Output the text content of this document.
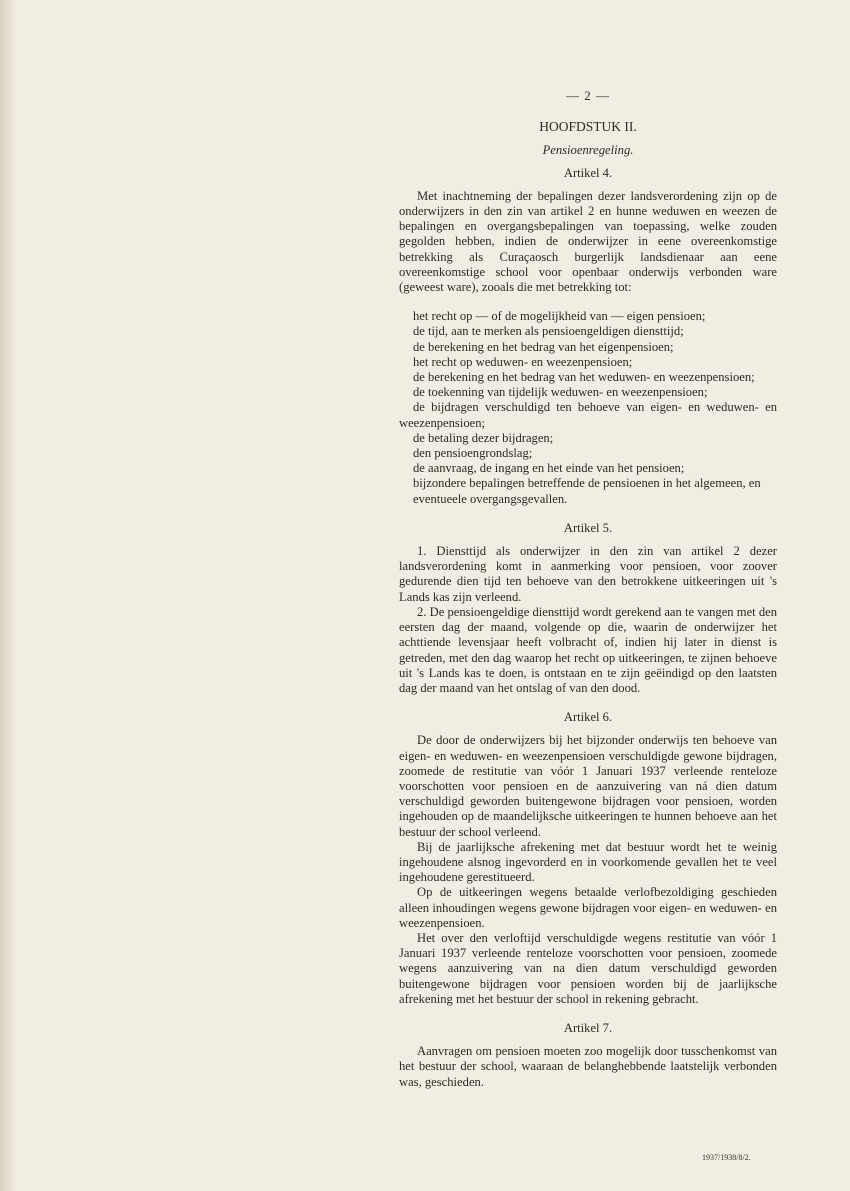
— 2 —
HOOFDSTUK II.
Pensioenregeling.
Artikel 4.

Met inachtneming der bepalingen dezer landsverordening zijn op de onderwijzers in den zin van artikel 2 en hunne weduwen en weezen de bepalingen en overgangsbepalingen van toepassing, welke zouden gegolden hebben, indien de onderwijzer in eene overeenkomstige betrekking als Curaçaosch burgerlijk landsdienaar aan eene overeenkomstige school voor openbaar onderwijs verbonden ware (geweest ware), zooals die met betrekking tot:

het recht op — of de mogelijkheid van — eigen pensioen;
de tijd, aan te merken als pensioengeldigen diensttijd;
de berekening en het bedrag van het eigenpensioen;
het recht op weduwen- en weezenpensioen;
de berekening en het bedrag van het weduwen- en weezenpensioen;
de toekenning van tijdelijk weduwen- en weezenpensioen;
de bijdragen verschuldigd ten behoeve van eigen- en weduwen- en weezenpensioen;
de betaling dezer bijdragen;
den pensioengrondslag;
de aanvraag, de ingang en het einde van het pensioen;
bijzondere bepalingen betreffende de pensioenen in het algemeen, en
eventueele overgangsgevallen.
Artikel 5.

1. Diensttijd als onderwijzer in den zin van artikel 2 dezer landsverordening komt in aanmerking voor pensioen, voor zoover gedurende dien tijd ten behoeve van den betrokkene uitkeeringen uit 's Lands kas zijn verleend.

2. De pensioengeldige diensttijd wordt gerekend aan te vangen met den eersten dag der maand, volgende op die, waarin de onderwijzer het achttiende levensjaar heeft volbracht of, indien hij later in dienst is getreden, met den dag waarop het recht op uitkeeringen, te zijnen behoeve uit 's Lands kas te doen, is ontstaan en te zijn geëindigd op den laatsten dag der maand van het ontslag of van den dood.

Artikel 6.

De door de onderwijzers bij het bijzonder onderwijs ten behoeve van eigen- en weduwen- en weezenpensioen verschuldigde gewone bijdragen, zoomede de restitutie van vóór 1 Januari 1937 verleende renteloze voorschotten voor pensioen en de aanzuivering van ná dien datum verschuldigd geworden buitengewone bijdragen voor pensioen, worden ingehouden op de maandelijksche uitkeeringen te hunnen behoeve aan het bestuur der school verleend.

Bij de jaarlijksche afrekening met dat bestuur wordt het te weinig ingehoudene alsnog ingevorderd en in voorkomende gevallen het te veel ingehoudene gerestitueerd.

Op de uitkeeringen wegens betaalde verlofbezoldiging geschieden alleen inhoudingen wegens gewone bijdragen voor eigen- en weduwen- en weezenpensioen.

Het over den verloftijd verschuldigde wegens restitutie van vóór 1 Januari 1937 verleende renteloze voorschotten voor pensioen, zoomede wegens aanzuivering van na dien datum verschuldigd geworden buitengewone bijdragen voor pensioen worden bij de jaarlijksche afrekening met het bestuur der school in rekening gebracht.

Artikel 7.

Aanvragen om pensioen moeten zoo mogelijk door tusschenkomst van het bestuur der school, waaraan de belanghebbende laatstelijk verbonden was, geschieden.

1937/1938/8/2.
